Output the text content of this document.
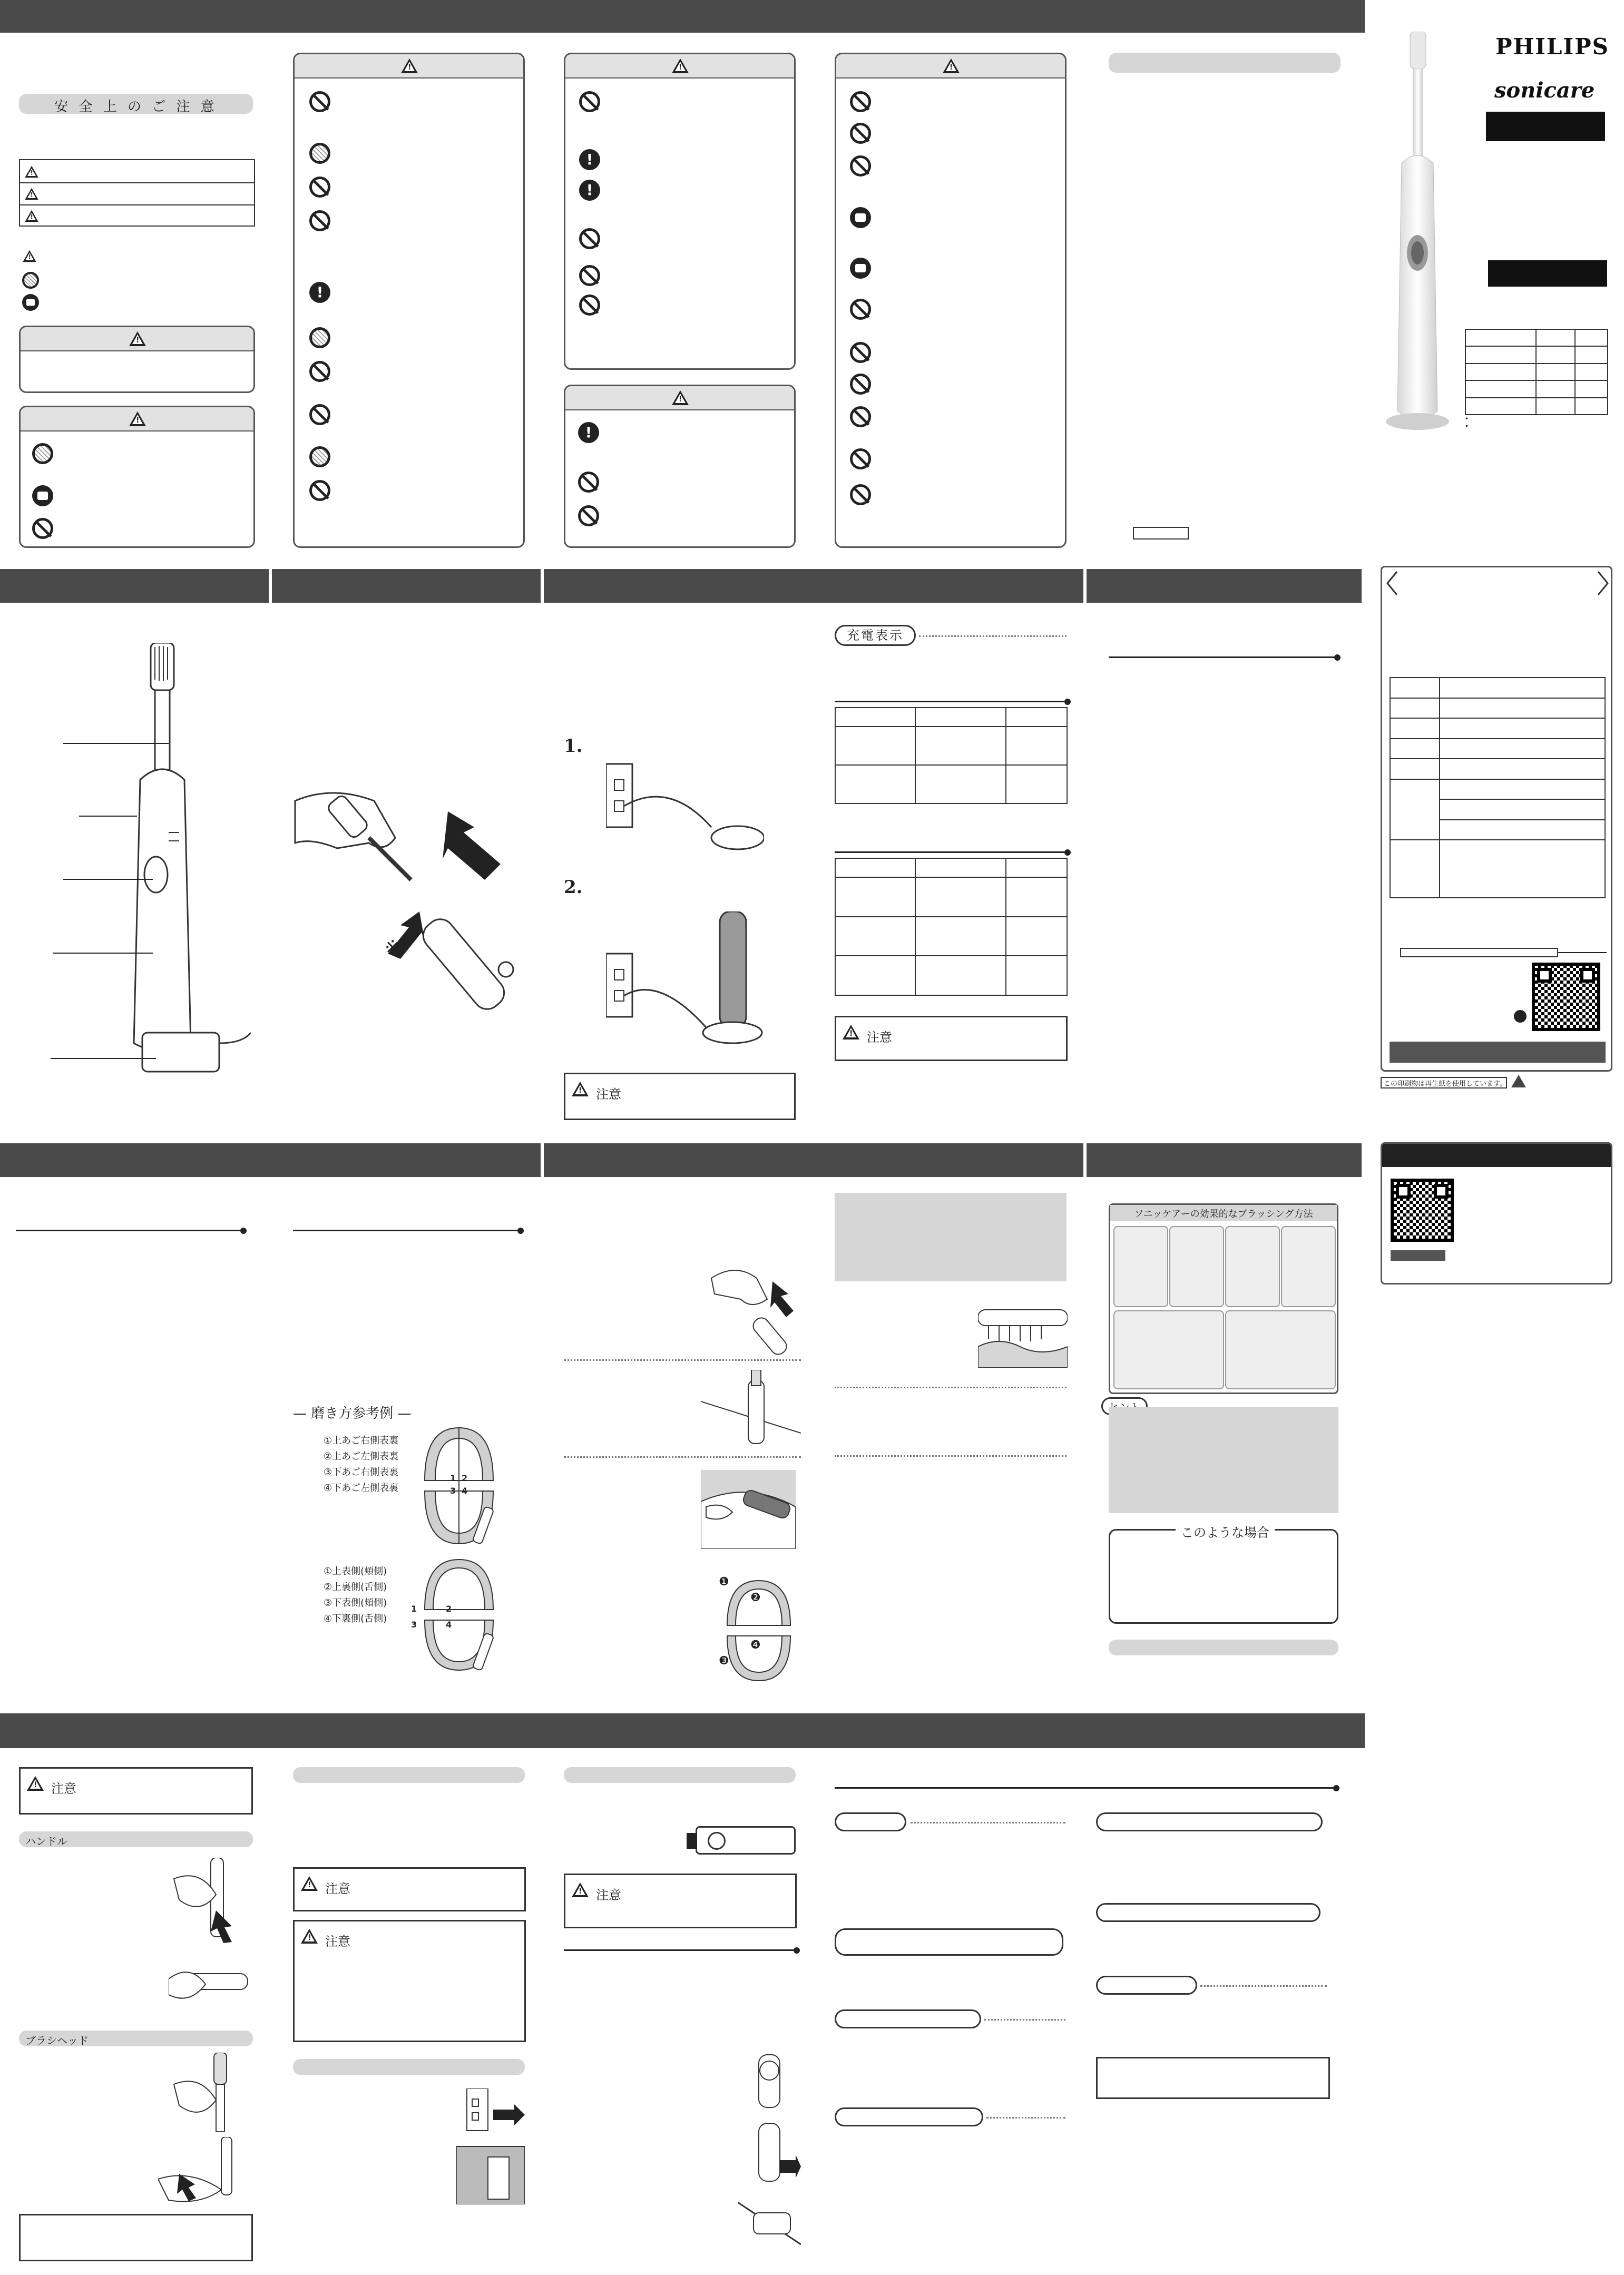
安 全 上 の ご 注 意
!
!
!
!
!
!
!
!
!
!
!
!
!
!
PHILIPS
sonicare

•
•
※
1.
2.
!
注意
充電表示

!
注意

この印刷物は再生紙を使用しています。
— 磨き方参考例 —
①上あご右側表裏
②上あご左側表裏
③下あご右側表裏
④下あご左側表裏
1 2
3 4
①上表側(頬側)
②上裏側(舌側)
③下表側(頬側)
④下裏側(舌側)
1	2
3	4
❶
❷
❸
❹
ソニッケアーの効果的なブラッシング方法
このような場合
!
注意
ハンドル
ブラシヘッド
!
注意
!
注意
!
注意
